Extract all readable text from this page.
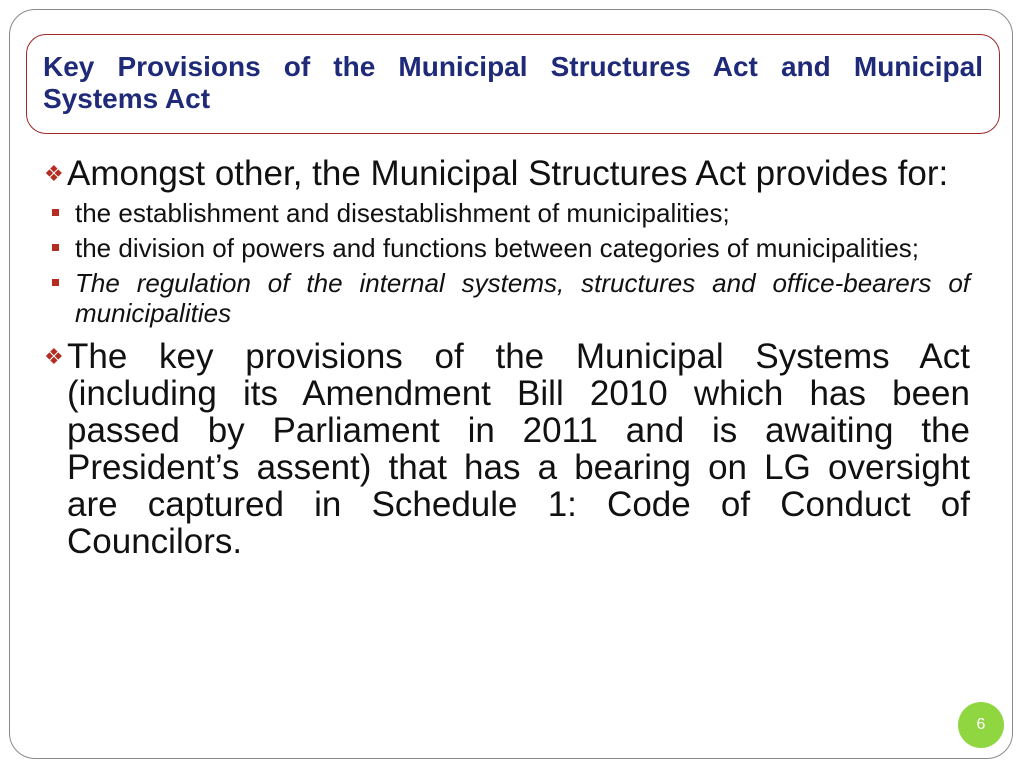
Key Provisions of the Municipal Structures Act and Municipal Systems Act
❖ Amongst other, the Municipal Structures Act provides for:
the establishment and disestablishment of municipalities;
the division of powers and functions between categories of municipalities;
The regulation of the internal systems, structures and office-bearers of municipalities
❖ The key provisions of the Municipal Systems Act (including its Amendment Bill 2010 which has been passed by Parliament in 2011 and is awaiting the President’s assent) that has a bearing on LG oversight are captured in Schedule 1: Code of Conduct of Councilors.
6
